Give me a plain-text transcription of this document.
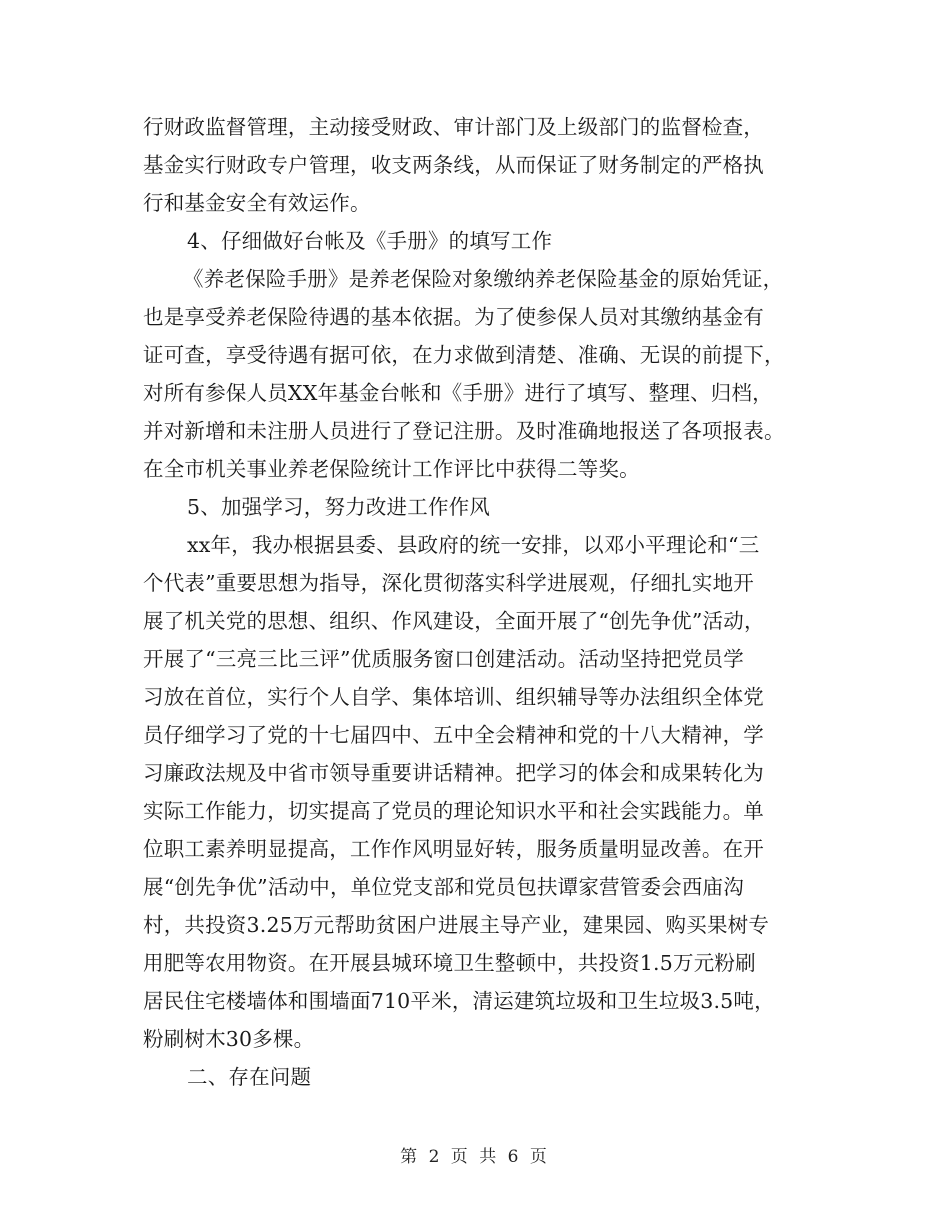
行财政监督管理，主动接受财政、审计部门及上级部门的监督检查，
基金实行财政专户管理，收支两条线，从而保证了财务制定的严格执
行和基金安全有效运作。
4、仔细做好台帐及《手册》的填写工作
《养老保险手册》是养老保险对象缴纳养老保险基金的原始凭证，
也是享受养老保险待遇的基本依据。为了使参保人员对其缴纳基金有
证可查，享受待遇有据可依，在力求做到清楚、准确、无误的前提下，
对所有参保人员XX年基金台帐和《手册》进行了填写、整理、归档，
并对新增和未注册人员进行了登记注册。及时准确地报送了各项报表。
在全市机关事业养老保险统计工作评比中获得二等奖。
5、加强学习，努力改进工作作风
xx年，我办根据县委、县政府的统一安排，以邓小平理论和“三
个代表”重要思想为指导，深化贯彻落实科学进展观，仔细扎实地开
展了机关党的思想、组织、作风建设，全面开展了“创先争优”活动，
开展了“三亮三比三评”优质服务窗口创建活动。活动坚持把党员学
习放在首位，实行个人自学、集体培训、组织辅导等办法组织全体党
员仔细学习了党的十七届四中、五中全会精神和党的十八大精神，学
习廉政法规及中省市领导重要讲话精神。把学习的体会和成果转化为
实际工作能力，切实提高了党员的理论知识水平和社会实践能力。单
位职工素养明显提高，工作作风明显好转，服务质量明显改善。在开
展“创先争优”活动中，单位党支部和党员包扶谭家营管委会西庙沟
村，共投资3.25万元帮助贫困户进展主导产业，建果园、购买果树专
用肥等农用物资。在开展县城环境卫生整顿中，共投资1.5万元粉刷
居民住宅楼墙体和围墙面710平米，清运建筑垃圾和卫生垃圾3.5吨，
粉刷树木30多棵。
二、存在问题
第 2 页 共 6 页
